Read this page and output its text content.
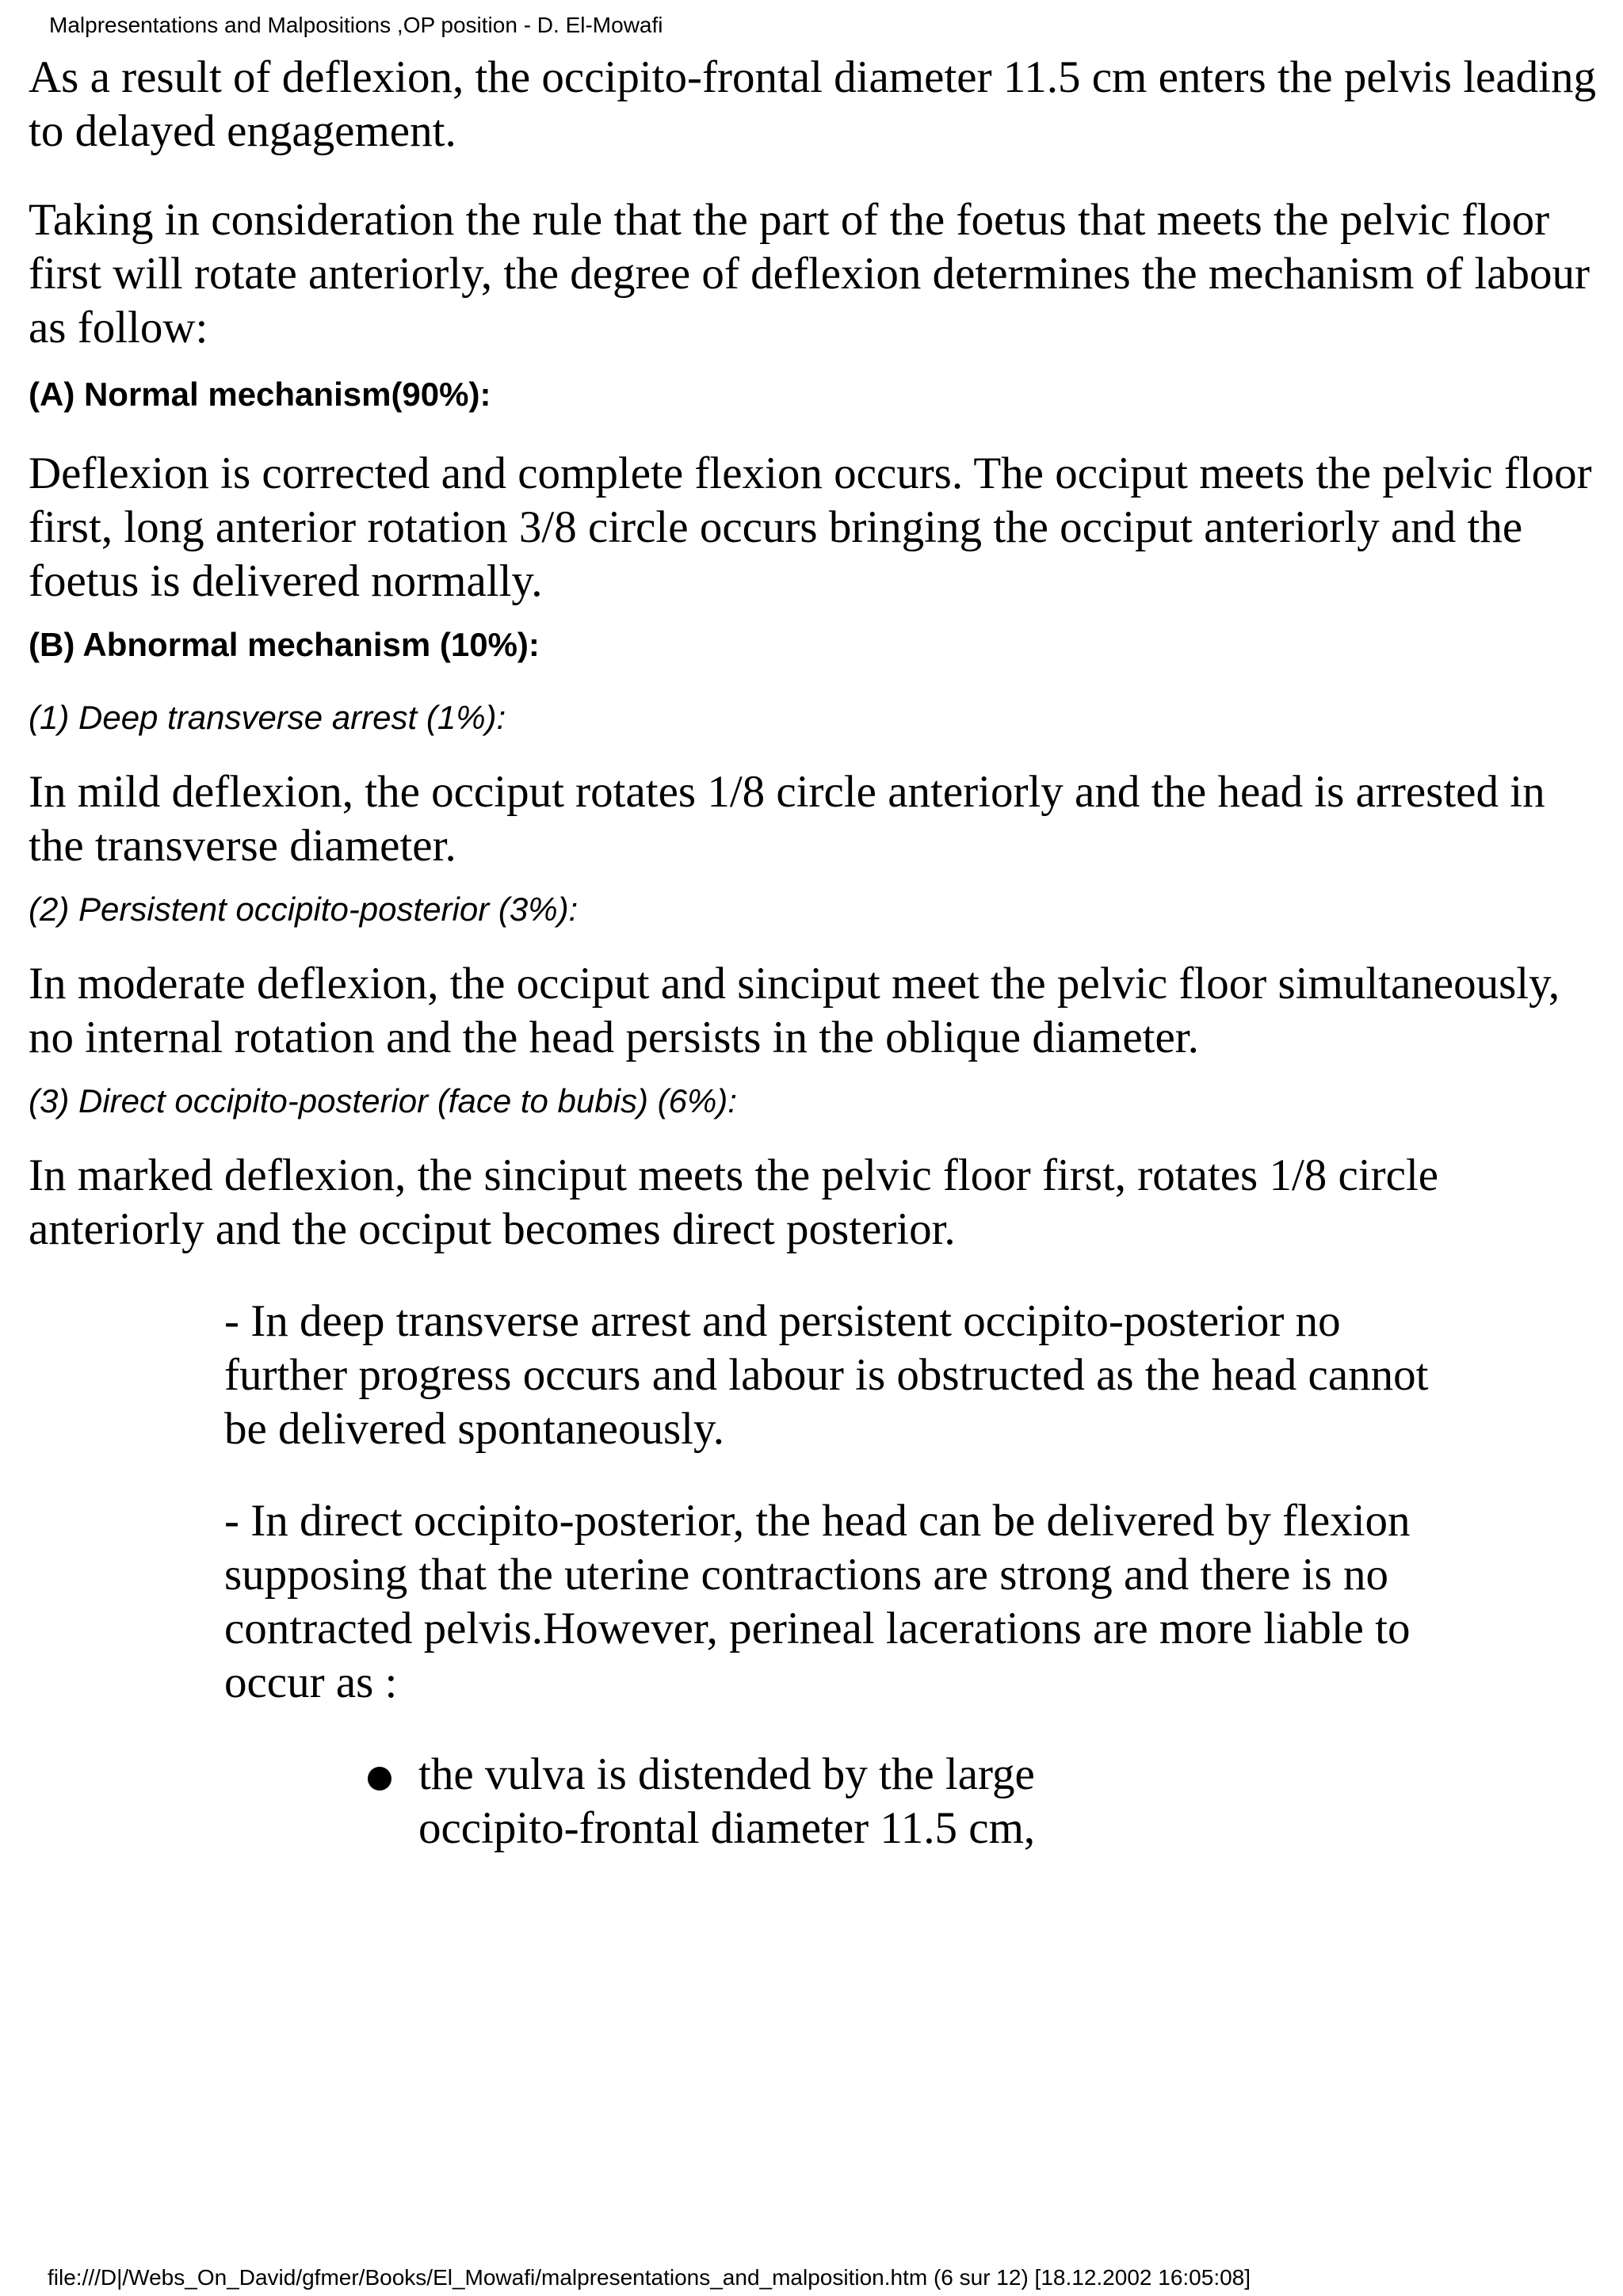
Malpresentations and Malpositions ,OP position - D. El-Mowafi

As a result of deflexion, the occipito-frontal diameter 11.5 cm enters the pelvis leading to delayed engagement.

Taking in consideration the rule that the part of the foetus that meets the pelvic floor first will rotate anteriorly, the degree of deflexion determines the mechanism of labour as follow:

(A) Normal mechanism(90%):

Deflexion is corrected and complete flexion occurs. The occiput meets the pelvic floor first, long anterior rotation 3/8 circle occurs bringing the occiput anteriorly and the foetus is delivered normally.

(B) Abnormal mechanism (10%):

(1) Deep transverse arrest (1%):

In mild deflexion, the occiput rotates 1/8 circle anteriorly and the head is arrested in the transverse diameter.

(2) Persistent occipito-posterior (3%):

In moderate deflexion, the occiput and sinciput meet the pelvic floor simultaneously, no internal rotation and the head persists in the oblique diameter.

(3) Direct occipito-posterior (face to bubis) (6%):

In marked deflexion, the sinciput meets the pelvic floor first, rotates 1/8 circle anteriorly and the occiput becomes direct posterior.

- In deep transverse arrest and persistent occipito-posterior no further progress occurs and labour is obstructed as the head cannot be delivered spontaneously.

- In direct occipito-posterior, the head can be delivered by flexion supposing that the uterine contractions are strong and there is no contracted pelvis.However, perineal lacerations are more liable to occur as :

the vulva is distended by the large occipito-frontal diameter 11.5 cm,

file:///D|/Webs_On_David/gfmer/Books/El_Mowafi/malpresentations_and_malposition.htm (6 sur 12) [18.12.2002 16:05:08]
